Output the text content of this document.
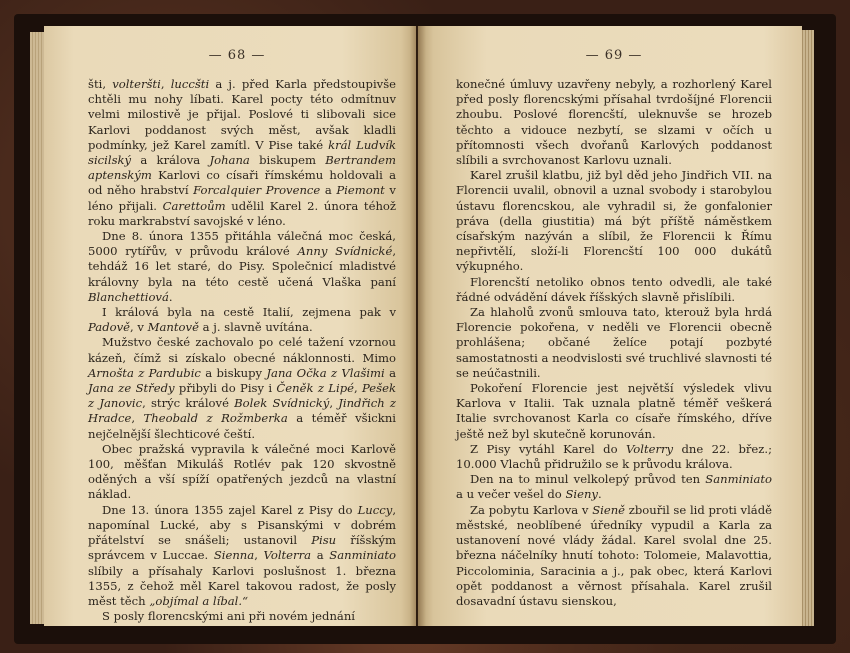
— 68 —

šti, volteršti, luccšti a j. před Karla předstoupivše chtěli mu nohy líbati. Karel pocty této odmítnuv velmi milostivě je přijal. Poslové ti slibovali sice Karlovi poddanost svých měst, avšak kladli podmínky, jež Karel zamítl. V Pise také král Ludvík sicilský a králova Johana biskupem Bertrandem aptenským Karlovi co císaři římskému holdovali a od něho hrabství Forcalquier Provence a Piemont v léno přijali. Carettoům udělil Karel 2. února téhož roku markrabství savojské v léno.

Dne 8. února 1355 přitáhla válečná moc česká, 5000 rytířův, v průvodu králové Anny Svídnické, tehdáž 16 let staré, do Pisy. Společnicí mladistvé královny byla na této cestě učená Vlaška paní Blanchettiová.

I králová byla na cestě Italií, zejmena pak v Padově, v Mantově a j. slavně uvítána.

Mužstvo české zachovalo po celé tažení vzornou kázeň, čímž si získalo obecné náklonnosti. Mimo Arnošta z Pardubic a biskupy Jana Očka z Vlašimi a Jana ze Středy přibyli do Pisy i Čeněk z Lipé, Pešek z Janovic, strýc králové Bolek Svídnický, Jindřich z Hradce, Theobald z Rožmberka a téměř všickni nejčelnější šlechticové čeští.

Obec pražská vypravila k válečné moci Karlově 100, měšťan Mikuláš Rotlév pak 120 skvostně oděných a vší spíží opatřených jezdců na vlastní náklad.

Dne 13. února 1355 zajel Karel z Pisy do Luccy, napomínal Lucké, aby s Pisanskými v dobrém přátelství se snášeli; ustanovil Pisu říšským správcem v Luccae. Sienna, Volterra a Sanminiato slíbily a přísahaly Karlovi poslušnost 1. března 1355, z čehož měl Karel takovou radost, že posly měst těch „objímal a líbal.“

S posly florencskými ani při novém jednání

— 69 —

konečné úmluvy uzavřeny nebyly, a rozhorlený Karel před posly florencskými přísahal tvrdošíjné Florencii zhoubu. Poslové florencští, uleknuvše se hrozeb těchto a vidouce nezbytí, se slzami v očích u přítomnosti všech dvořanů Karlových poddanost slíbili a svrchovanost Karlovu uznali.

Karel zrušil klatbu, již byl děd jeho Jindřich VII. na Florencii uvalil, obnovil a uznal svobody i starobylou ústavu florencskou, ale vyhradil si, že gonfalonier práva (della giustitia) má být příště náměstkem císařským nazýván a slíbil, že Florencii k Římu nepřivtělí, složí-li Florencští 100 000 dukátů výkupného.

Florencští netoliko obnos tento odvedli, ale také řádné odvádění dávek říšských slavně přislíbili.

Za hlaholů zvonů smlouva tato, kterouž byla hrdá Florencie pokořena, v neděli ve Florencii obecně prohlášena; občané želíce potají pozbyté samostatnosti a neodvislosti své truchlivé slavnosti té se neúčastnili.

Pokoření Florencie jest největší výsledek vlivu Karlova v Italii. Tak uznala platně téměř veškerá Italie svrchovanost Karla co císaře římského, dříve ještě než byl skutečně korunován.

Z Pisy vytáhl Karel do Volterry dne 22. břez.; 10.000 Vlachů přidružilo se k průvodu králova.

Den na to minul velkolepý průvod ten Sanminiato a u večer vešel do Sieny.

Za pobytu Karlova v Sieně zbouřil se lid proti vládě městské, neoblíbené úředníky vypudil a Karla za ustanovení nové vlády žádal. Karel svolal dne 25. března náčelníky hnutí tohoto: Tolomeie, Malavottia, Piccolominia, Saracinia a j., pak obec, která Karlovi opět poddanost a věrnost přísahala. Karel zrušil dosavadní ústavu sienskou,
